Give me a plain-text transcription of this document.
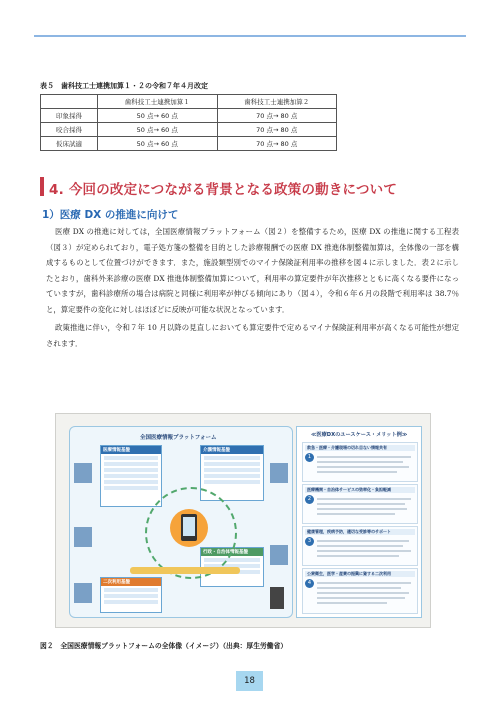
表５　歯科技工士連携加算１・２の令和７年４月改定
	歯科技工士連携加算１	歯科技工士連携加算２
印象採得	50 点→ 60 点	70 点→ 80 点
咬合採得	50 点→ 60 点	70 点→ 80 点
仮床試適	50 点→ 60 点	70 点→ 80 点
4. 今回の改定につながる背景となる政策の動きについて
1）医療 DX の推進に向けて

医療 DX の推進に対しては，全国医療情報プラットフォーム（図２）を整備するため，医療 DX の推進に関する工程表（図３）が定められており，電子処方箋の整備を目的とした診療報酬での医療 DX 推進体制整備加算は，全体像の一部を構成するものとして位置づけができます．また，施設類型別でのマイナ保険証利用率の推移を図４に示しました．表２に示したとおり，歯科外来診療の医療 DX 推進体制整備加算について，利用率の算定要件が年次推移とともに高くなる要件になっていますが，歯科診療所の場合は病院と同様に利用率が伸びる傾向にあり（図４），令和６年６月の段階で利用率は 38.7％と，算定要件の変化に対しはほぼどに反映が可能な状況となっています．

政策推進に伴い，令和７年 10 月以降の見直しにおいても算定要件で定めるマイナ保険証利用率が高くなる可能性が想定されます．

全国医療情報プラットフォーム
医療情報基盤	介護情報基盤
行政・自治体情報基盤
二次利用基盤
≪医療DXのユースケース・メリット例≫
救急・医療・介護現場の切れ目ない情報共有
1
医療機関・自治体サービスの効率化・負担軽減
2
健康管理，疾病予防，適切な受診等のサポート
3
公衆衛生，医学・産業の振興に資する二次利用
4
図２　全国医療情報プラットフォームの全体像（イメージ）（出典：厚生労働省）
18
